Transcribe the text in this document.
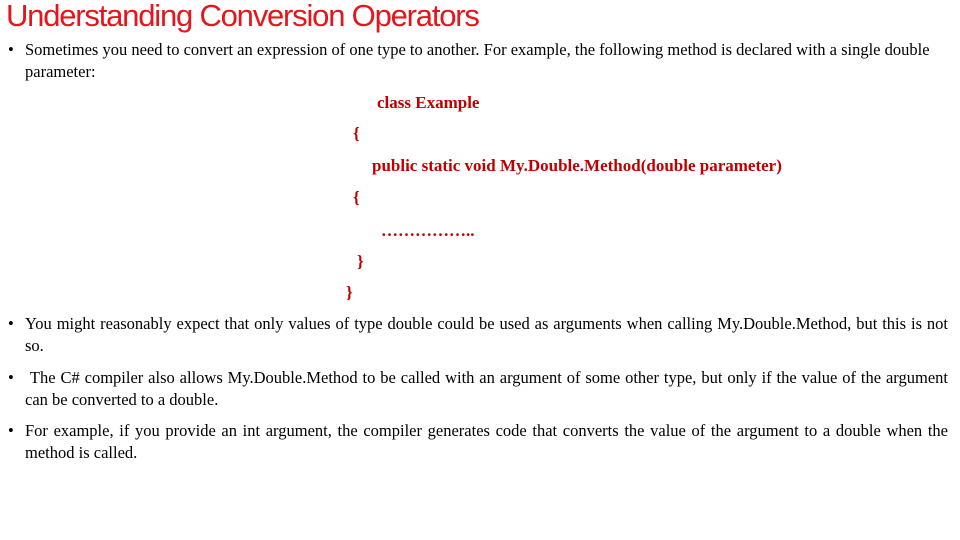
Understanding Conversion Operators
• Sometimes you need to convert an expression of one type to another. For example, the following method is declared with a single double parameter:
class Example
{
public static void My.Double.Method(double parameter)
{
……………..
}
}
• You might reasonably expect that only values of type double could be used as arguments when calling My.Double.Method, but this is not so.
• The C# compiler also allows My.Double.Method to be called with an argument of some other type, but only if the value of the argument can be converted to a double.
• For example, if you provide an int argument, the compiler generates code that converts the value of the argument to a double when the method is called.
